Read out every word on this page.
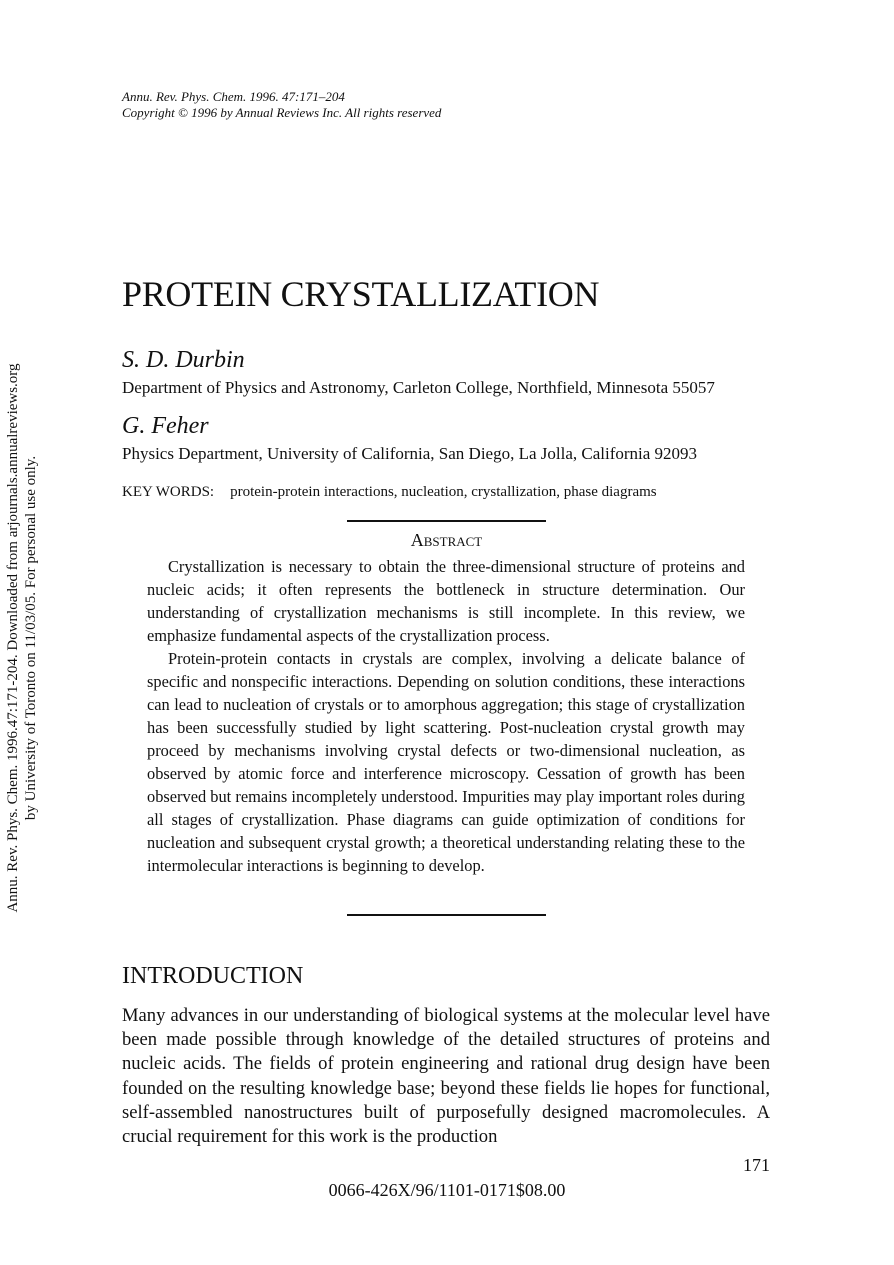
Annu. Rev. Phys. Chem. 1996.47:171-204. Downloaded from arjournals.annualreviews.org by University of Toronto on 11/03/05. For personal use only.
Annu. Rev. Phys. Chem. 1996. 47:171–204
Copyright © 1996 by Annual Reviews Inc. All rights reserved
PROTEIN CRYSTALLIZATION
S. D. Durbin
Department of Physics and Astronomy, Carleton College, Northfield, Minnesota 55057
G. Feher
Physics Department, University of California, San Diego, La Jolla, California 92093
KEY WORDS: protein-protein interactions, nucleation, crystallization, phase diagrams
Abstract

Crystallization is necessary to obtain the three-dimensional structure of proteins and nucleic acids; it often represents the bottleneck in structure determination. Our understanding of crystallization mechanisms is still incomplete. In this review, we emphasize fundamental aspects of the crystallization process.

Protein-protein contacts in crystals are complex, involving a delicate balance of specific and nonspecific interactions. Depending on solution conditions, these interactions can lead to nucleation of crystals or to amorphous aggregation; this stage of crystallization has been successfully studied by light scattering. Post-nucleation crystal growth may proceed by mechanisms involving crystal defects or two-dimensional nucleation, as observed by atomic force and interference microscopy. Cessation of growth has been observed but remains incompletely understood. Impurities may play important roles during all stages of crystallization. Phase diagrams can guide optimization of conditions for nucleation and subsequent crystal growth; a theoretical understanding relating these to the intermolecular interactions is beginning to develop.

INTRODUCTION

Many advances in our understanding of biological systems at the molecular level have been made possible through knowledge of the detailed structures of proteins and nucleic acids. The fields of protein engineering and rational drug design have been founded on the resulting knowledge base; beyond these fields lie hopes for functional, self-assembled nanostructures built of purposefully designed macromolecules. A crucial requirement for this work is the production

171
0066-426X/96/1101-0171$08.00
